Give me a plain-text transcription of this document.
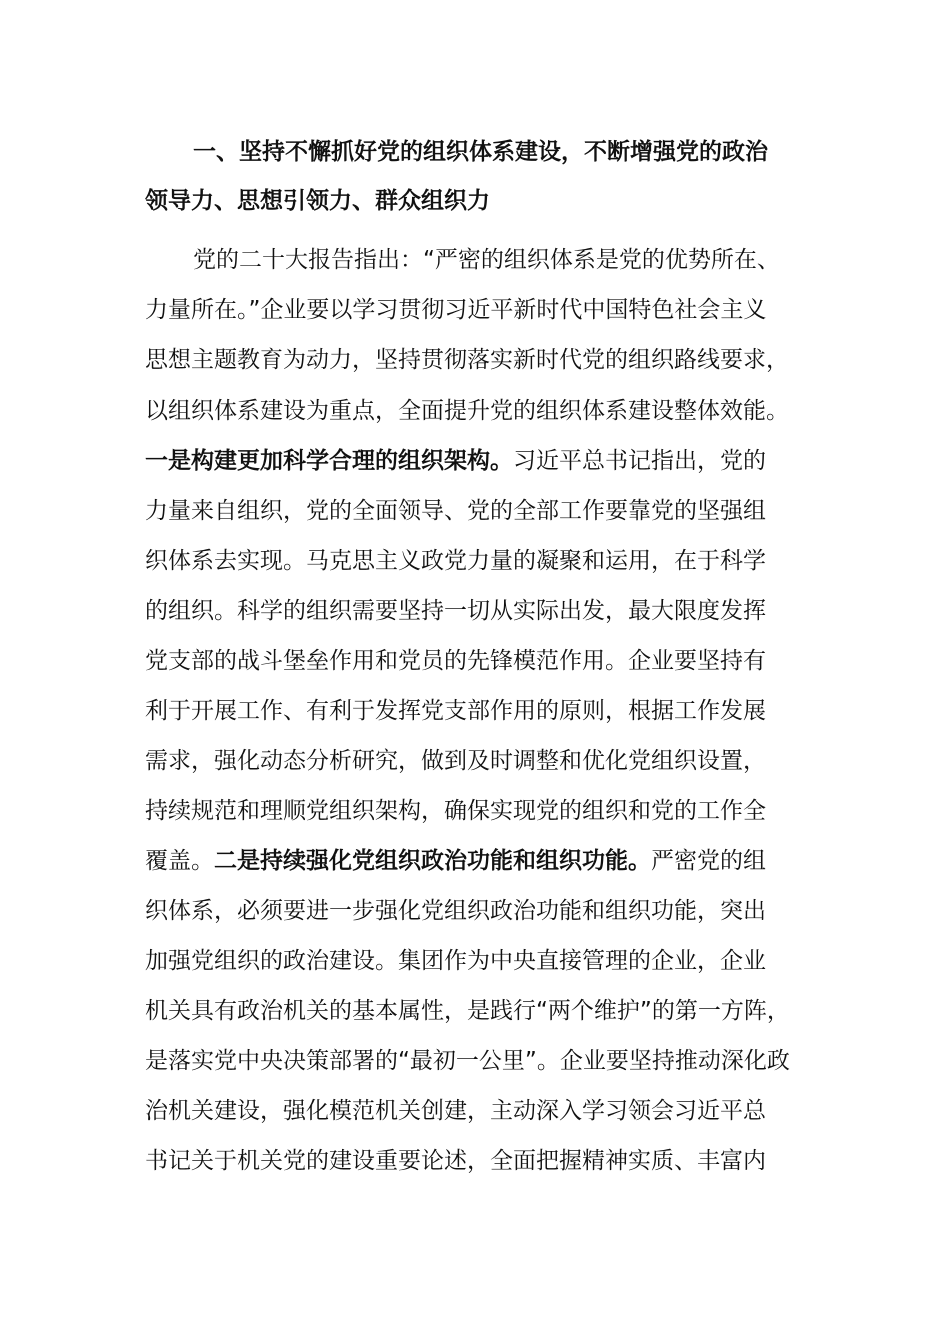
一、坚持不懈抓好党的组织体系建设，不断增强党的政治
领导力、思想引领力、群众组织力
党的二十大报告指出：“严密的组织体系是党的优势所在、
力量所在。”企业要以学习贯彻习近平新时代中国特色社会主义
思想主题教育为动力，坚持贯彻落实新时代党的组织路线要求，
以组织体系建设为重点，全面提升党的组织体系建设整体效能。
一是构建更加科学合理的组织架构。习近平总书记指出，党的
力量来自组织，党的全面领导、党的全部工作要靠党的坚强组
织体系去实现。马克思主义政党力量的凝聚和运用，在于科学
的组织。科学的组织需要坚持一切从实际出发，最大限度发挥
党支部的战斗堡垒作用和党员的先锋模范作用。企业要坚持有
利于开展工作、有利于发挥党支部作用的原则，根据工作发展
需求，强化动态分析研究，做到及时调整和优化党组织设置，
持续规范和理顺党组织架构，确保实现党的组织和党的工作全
覆盖。二是持续强化党组织政治功能和组织功能。严密党的组
织体系，必须要进一步强化党组织政治功能和组织功能，突出
加强党组织的政治建设。集团作为中央直接管理的企业，企业
机关具有政治机关的基本属性，是践行“两个维护”的第一方阵，
是落实党中央决策部署的“最初一公里”。企业要坚持推动深化政
治机关建设，强化模范机关创建，主动深入学习领会习近平总
书记关于机关党的建设重要论述，全面把握精神实质、丰富内
